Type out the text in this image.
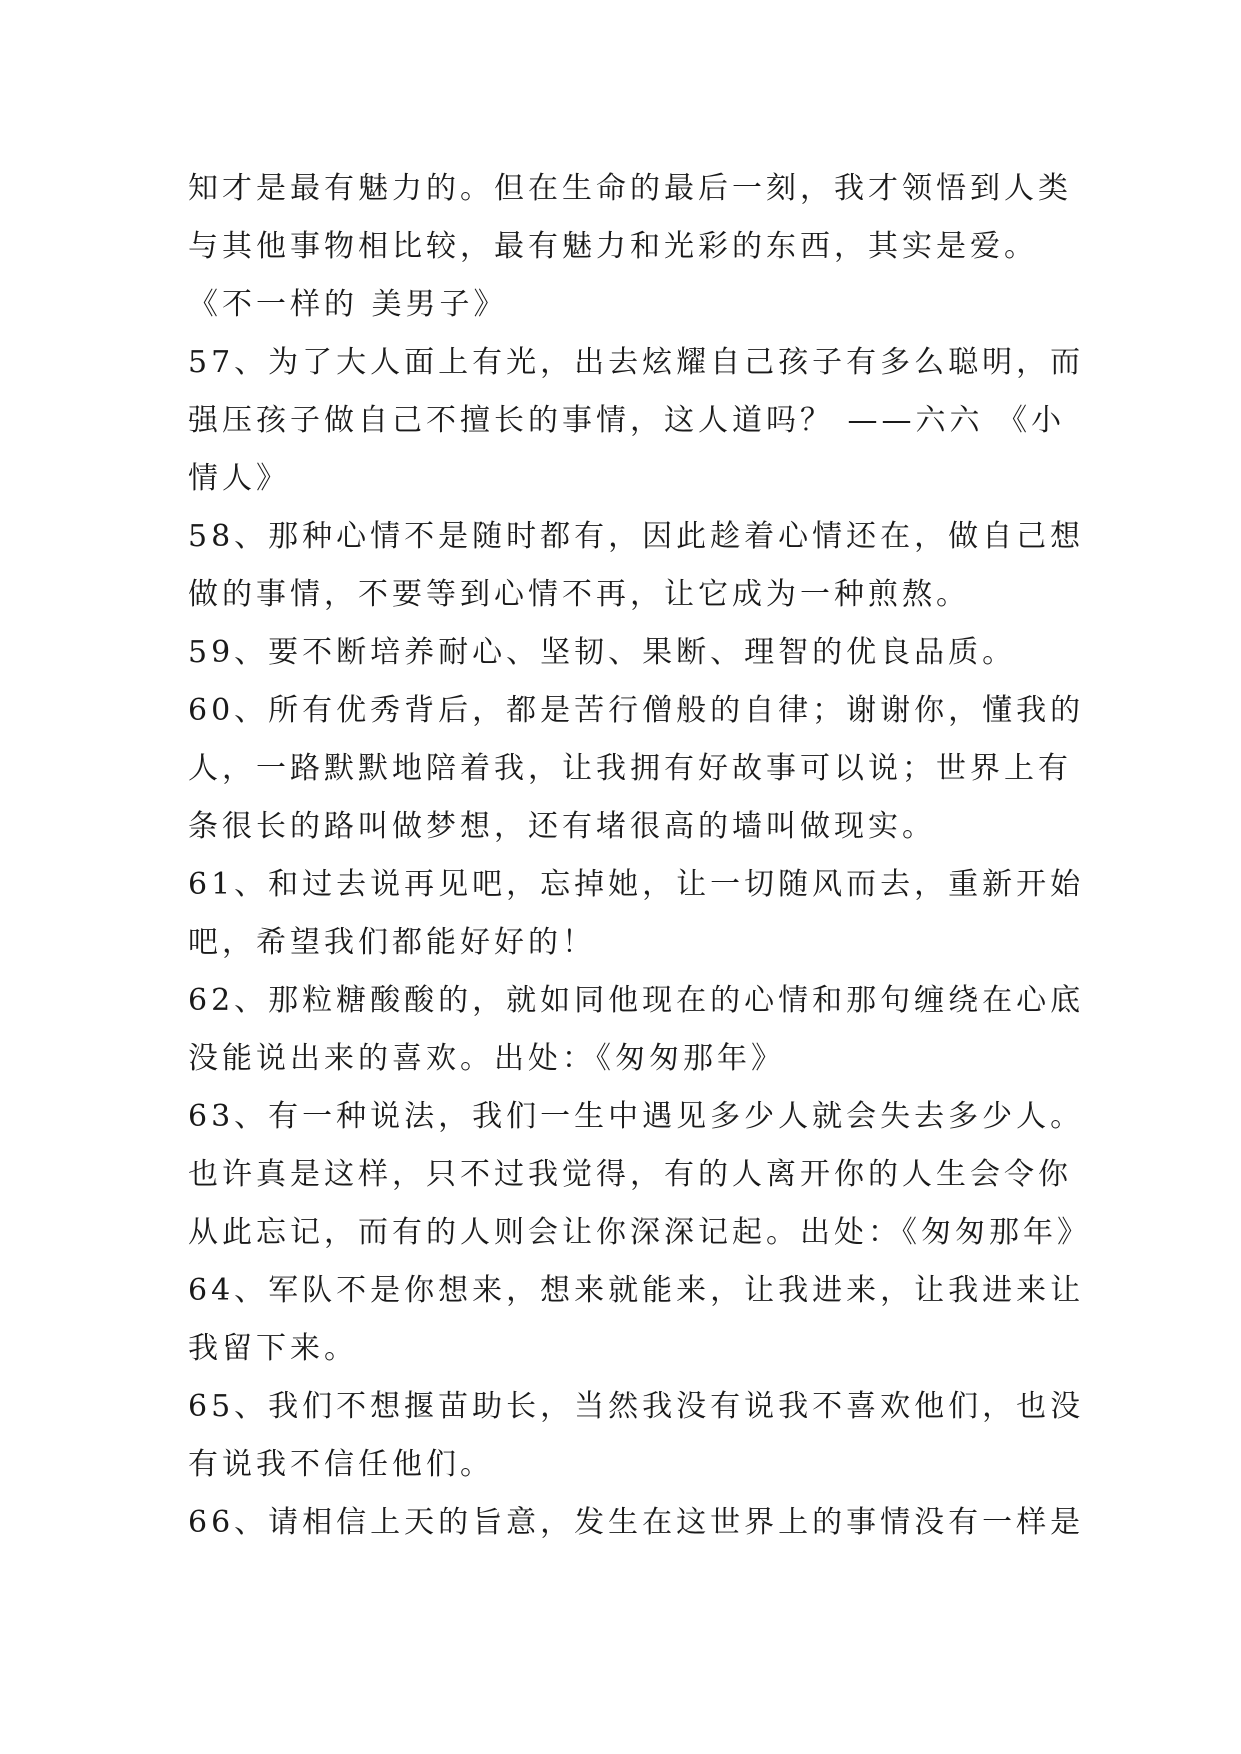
知才是最有魅力的。但在生命的最后一刻，我才领悟到人类
与其他事物相比较，最有魅力和光彩的东西，其实是爱。
《不一样的 美男子》
57、为了大人面上有光，出去炫耀自己孩子有多么聪明，而
强压孩子做自己不擅长的事情，这人道吗？ ——六六 《小
情人》
58、那种心情不是随时都有，因此趁着心情还在，做自己想
做的事情，不要等到心情不再，让它成为一种煎熬。
59、要不断培养耐心、坚韧、果断、理智的优良品质。
60、所有优秀背后，都是苦行僧般的自律；谢谢你，懂我的
人，一路默默地陪着我，让我拥有好故事可以说；世界上有
条很长的路叫做梦想，还有堵很高的墙叫做现实。
61、和过去说再见吧，忘掉她，让一切随风而去，重新开始
吧，希望我们都能好好的！
62、那粒糖酸酸的，就如同他现在的心情和那句缠绕在心底
没能说出来的喜欢。出处：《匆匆那年》
63、有一种说法，我们一生中遇见多少人就会失去多少人。
也许真是这样，只不过我觉得，有的人离开你的人生会令你
从此忘记，而有的人则会让你深深记起。出处：《匆匆那年》
64、军队不是你想来，想来就能来，让我进来，让我进来让
我留下来。
65、我们不想揠苗助长，当然我没有说我不喜欢他们，也没
有说我不信任他们。
66、请相信上天的旨意，发生在这世界上的事情没有一样是
